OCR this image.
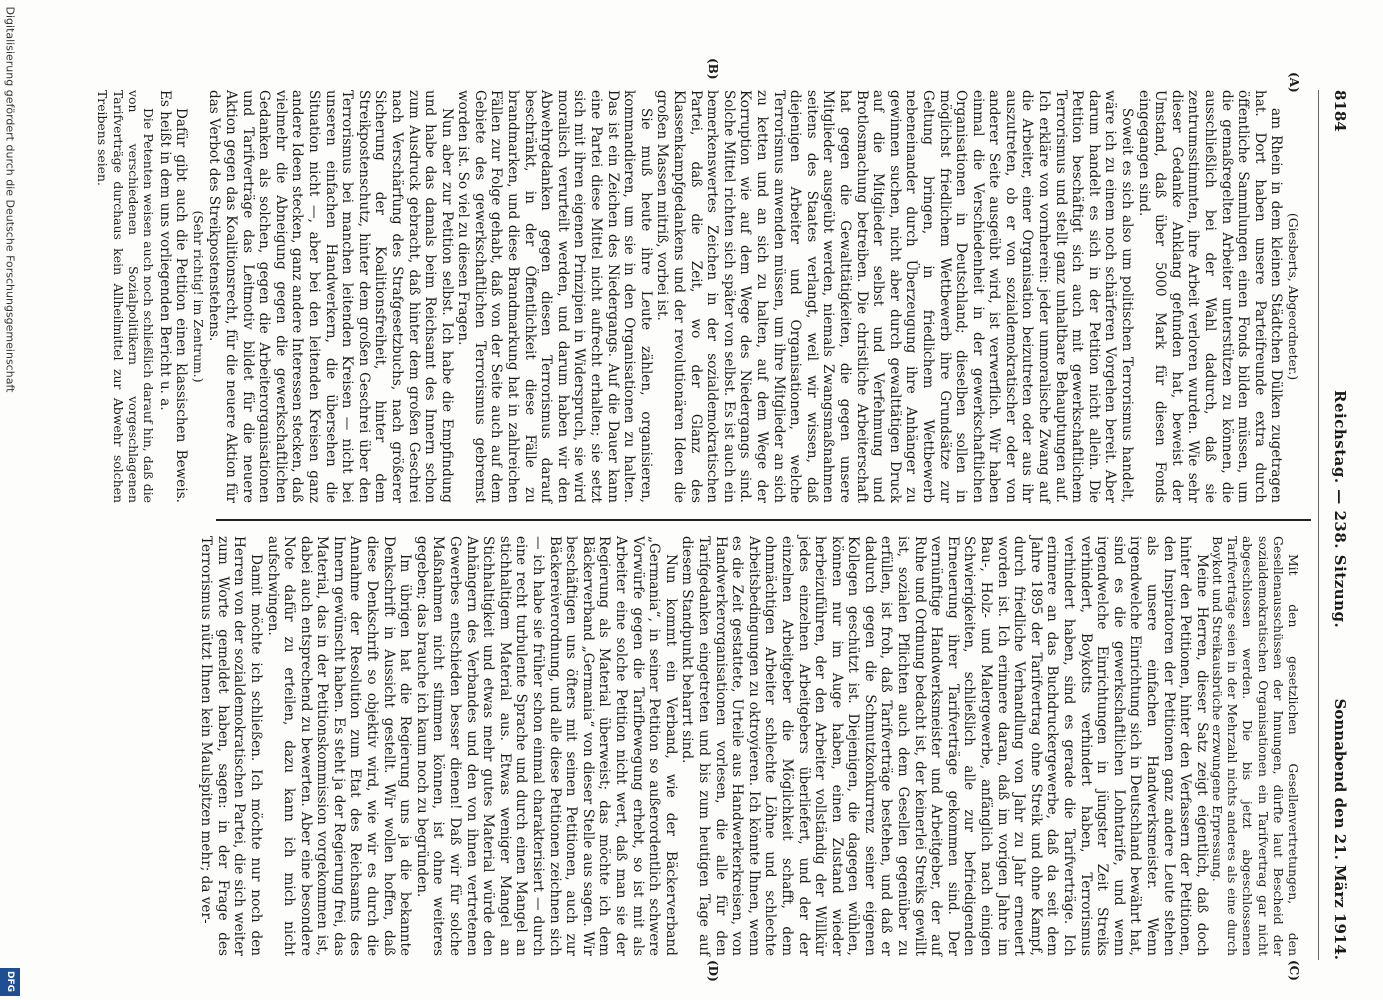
8184
Reichstag. — 238. Sitzung.
Sonnabend den 21. März 1914.
(A)
(B)
(C)
(D)

(Giesberts, Abgeordneter.)

am Rhein in dem kleinen Städtchen Dülken zugetragen hat. Dort haben unsere Parteifreunde extra durch öffentliche Sammlungen einen Fonds bilden müssen, um die gemaßregelten Arbeiter unterstützen zu können, die ausschließlich bei der Wahl dadurch, daß sie zentrumsstimmten, ihre Arbeit verloren wurden. Wie sehr dieser Gedanke Anklang gefunden hat, beweist der Umstand, daß über 5000 Mark für diesen Fonds eingegangen sind.

Soweit es sich also um politischen Terrorismus handelt, wäre ich zu einem noch schärferen Vorgehen bereit. Aber darum handelt es sich in der Petition nicht allein. Die Petition beschäftigt sich auch mit gewerkschaftlichem Terrorismus und stellt ganz unhaltbare Behauptungen auf. Ich erkläre von vornherein: jeder unmoralische Zwang auf die Arbeiter, einer Organisation beizutreten oder aus ihr auszutreten, ob er von sozialdemokratischer oder von anderer Seite ausgeübt wird, ist verwerflich. Wir haben einmal die Verschiedenheit in der gewerkschaftlichen Organisationen in Deutschland; dieselben sollen in möglichst friedlichem Wettbewerb ihre Grundsätze zur Geltung bringen, in friedlichem Wettbewerb nebeneinander durch Überzeugung ihre Anhänger zu gewinnen suchen, nicht aber durch gewalttätigen Druck auf die Mitglieder selbst und Verfehmung und Brotlosmachung betreiben. Die christliche Arbeiterschaft hat gegen die Gewalttätigkeiten, die gegen unsere Mitglieder ausgeübt werden, niemals Zwangsmaßnahmen seitens des Staates verlangt, weil wir wissen, daß diejenigen Arbeiter und Organisationen, welche Terrorismus anwenden müssen, um ihre Mitglieder an sich zu ketten und an sich zu halten, auf dem Wege der Korruption wie auf dem Wege des Niedergangs sind. Solche Mittel richten sich später von selbst. Es ist auch ein bemerkenswertes Zeichen in der sozialdemokratischen Partei, daß die Zeit, wo der Glanz des Klassenkampfgedankens und der revolutionären Ideen die großen Massen mitriß, vorbei ist.

Sie muß heute ihre Leute zählen, organisieren, kommandieren, um sie in den Organisationen zu halten. Das ist ein Zeichen des Niedergangs. Auf die Dauer kann eine Partei diese Mittel nicht aufrecht erhalten; sie setzt sich mit ihren eigenen Prinzipien in Widerspruch, sie wird moralisch verurteilt werden, und darum haben wir den Abwehrgedanken gegen diesen Terrorismus darauf beschränkt, in der Öffentlichkeit diese Fälle zu brandmarken, und diese Brandmarkung hat in zahlreichen Fällen zur Folge gehabt, daß von der Seite auch auf dem Gebiete des gewerkschaftlichen Terrorismus gebremst worden ist. So viel zu diesen Fragen.

Nun aber zur Petition selbst. Ich habe die Empfindung und habe das damals beim Reichsamt des Innern schon zum Ausdruck gebracht, daß hinter dem großen Geschrei nach Verschärfung des Strafgesetzbuchs, nach größerer Sicherung der Koalitionsfreiheit, hinter dem Streikpostenschutz, hinter dem großen Geschrei über den Terrorismus bei manchen leitenden Kreisen — nicht bei unseren einfachen Handwerkern, die übersehen die Situation nicht —, aber bei den leitenden Kreisen ganz andere Ideen stecken, ganz andere Interessen stecken, daß vielmehr die Abneigung gegen die gewerkschaftlichen Gedanken als solchen, gegen die Arbeiterorganisationen und Tarifverträge das Leitmotiv bildet für die neuere Aktion gegen das Koalitionsrecht, für die neuere Aktion für das Verbot des Streikpostenstehens.

(Sehr richtig! im Zentrum.)

Dafür gibt auch die Petition einen klassischen Beweis. Es heißt in dem uns vorliegenden Bericht u. a.

Die Petenten weisen auch noch schließlich darauf hin, daß die von verschiedenen Sozialpolitikern vorgeschlagenen Tarifverträge durchaus kein Allheilmittel zur Abwehr solchen Treibens seien.

Mit den gesetzlichen Gesellenvertretungen, den Gesellenausschüssen der Innungen, dürfte laut Bescheid der sozialdemokratischen Organisationen ein Tarifvertrag gar nicht abgeschlossen werden. Die bis jetzt abgeschlossenen Tarifverträge seien in der Mehrzahl nichts anderes als eine durch Boykott und Streikausbrüche erzwungene Erpressung.

Meine Herren, dieser Satz zeigt eigentlich, daß doch hinter den Petitionen, hinter den Verfassern der Petitionen, den Inspiratoren der Petitionen ganz andere Leute stehen als unsere einfachen Handwerksmeister. Wenn irgendwelche Einrichtung sich in Deutschland bewährt hat, sind es die gewerkschaftlichen Lohntarife, und wenn irgendwelche Einrichtungen in jüngster Zeit Streiks verhindert, Boykotts verhindert haben, Terrorismus verhindert haben, sind es gerade die Tarifverträge. Ich erinnere an das Buchdruckergewerbe, daß da seit dem Jahre 1895 der Tarifvertrag ohne Streik und ohne Kampf, durch friedliche Verhandlung von Jahr zu Jahr erneuert worden ist. Ich erinnere daran, daß im vorigen Jahre im Bau-, Holz- und Malergewerbe, anfänglich nach einigen Schwierigkeiten, schließlich alle zur befriedigenden Erneuerung ihrer Tarifverträge gekommen sind. Der vernünftige Handwerksmeister und Arbeitgeber, der auf Ruhe und Ordnung bedacht ist, der keinerlei Streiks gewillt ist, sozialen Pflichten auch dem Gesellen gegenüber zu erfüllen, ist froh, daß Tarifverträge bestehen, und daß er dadurch gegen die Schmutzkonkurrenz seiner eigenen Kollegen geschützt ist. Diejenigen, die dagegen wühlen, können nur im Auge haben, einen Zustand wieder herbeizuführen, der den Arbeiter vollständig der Willkür jedes einzelnen Arbeitgebers überliefert, und der der einzelnen Arbeitgeber die Möglichkeit schafft, dem ohnmächtigen Arbeiter schlechte Löhne und schlechte Arbeitsbedingungen zu oktroyieren. Ich könnte Ihnen, wenn es die Zeit gestattete, Urteile aus Handwerkerkreisen, von Handwerkerorganisationen vorlesen, die alle für den Tarifgedanken eingetreten und bis zum heutigen Tage auf diesem Standpunkt beharrt sind.

Nun kommt ein Verband, wie der Bäckerverband „Germania“, in seiner Petition so außerordentlich schwere Vorwürfe gegen die Tarifbewegung erhebt, so ist mit als Arbeiter eine solche Petition nicht wert, daß man sie der Regierung als Material überweist; das möchte ich dem Bäckerverband „Germania“ von dieser Stelle aus sagen. Wir beschäftigen uns öfters mit seinen Petitionen, auch zur Bäckereiverordnung, und alle diese Petitionen zeichnen sich — ich habe sie früher schon einmal charakterisiert — durch eine recht turbulente Sprache und durch einen Mangel an stichhaltigem Material aus. Etwas weniger Mangel an Stichhaltigkeit und etwas mehr gutes Material würde den Anhängern des Verbandes und den von ihnen vertretenen Gewerbes entschieden besser dienen! Daß wir für solche Maßnahmen nicht stimmen können, ist ohne weiteres gegeben; das brauche ich kaum noch zu begründen.

Im übrigen hat die Regierung uns ja die bekannte Denkschrift in Aussicht gestellt. Wir wollen hoffen, daß diese Denkschrift so objektiv wird, wie wir es durch die Annahme der Resolution zum Etat des Reichsamts des Innern gewünscht haben. Es steht ja der Regierung frei, das Material, das in der Petitionskommission vorgekommen ist, dabei auch entsprechend zu bewerten. Aber eine besondere Note dafür zu erteilen, dazu kann ich mich nicht aufschwingen.

Damit möchte ich schließen. Ich möchte nur noch den Herren von der sozialdemokratischen Partei, die sich weiter zum Worte gemeldet haben, sagen: in der Frage des Terrorismus nützt Ihnen kein Maulspitzen mehr; da ver-

Digitalisierung gefördert durch die Deutsche Forschungsgemeinschaft
DFG
